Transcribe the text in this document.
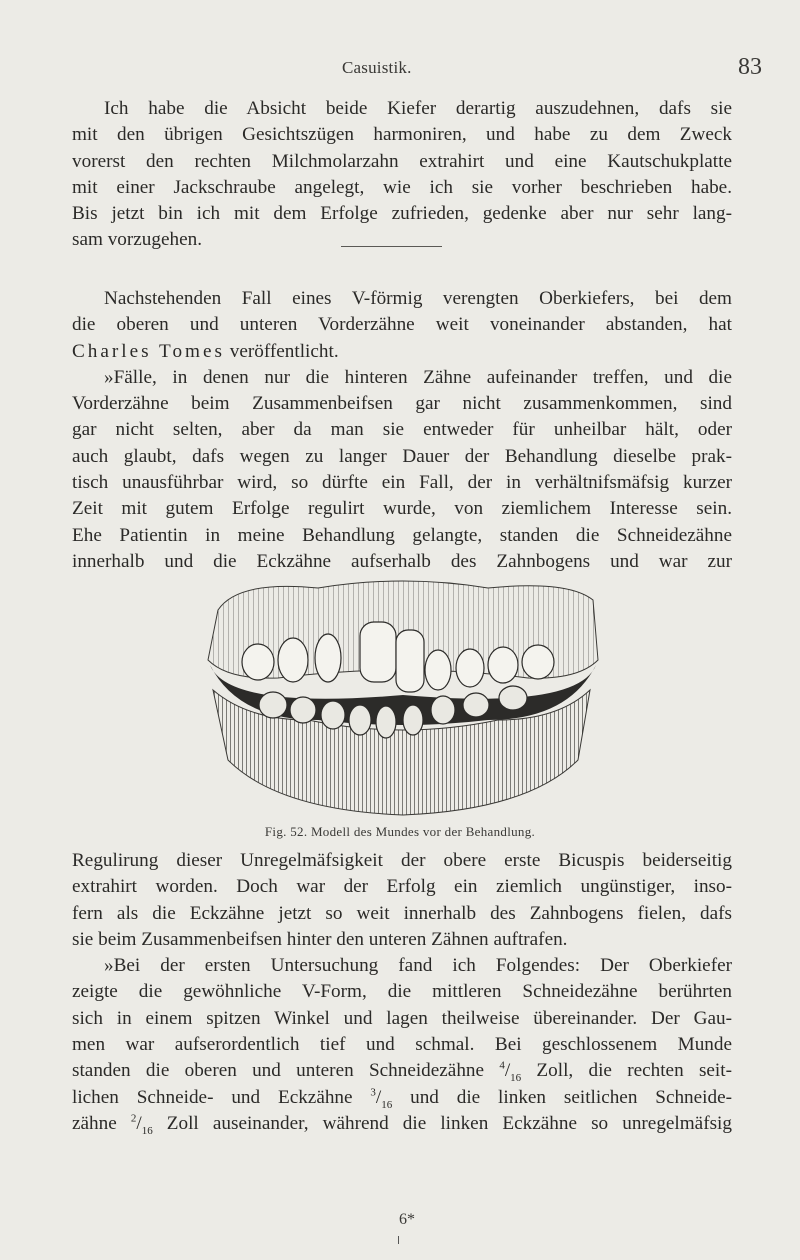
Casuistik.	83
Ich habe die Absicht beide Kiefer derartig auszudehnen, dafs sie
mit den übrigen Gesichtszügen harmoniren, und habe zu dem Zweck
vorerst den rechten Milchmolarzahn extrahirt und eine Kautschukplatte
mit einer Jackschraube angelegt, wie ich sie vorher beschrieben habe.
Bis jetzt bin ich mit dem Erfolge zufrieden, gedenke aber nur sehr lang-
sam vorzugehen.
Nachstehenden Fall eines V-förmig verengten Oberkiefers, bei dem
die oberen und unteren Vorderzähne weit voneinander abstanden, hat
Charles Tomes veröffentlicht.
»Fälle, in denen nur die hinteren Zähne aufeinander treffen, und die
Vorderzähne beim Zusammenbeifsen gar nicht zusammenkommen, sind
gar nicht selten, aber da man sie entweder für unheilbar hält, oder
auch glaubt, dafs wegen zu langer Dauer der Behandlung dieselbe prak-
tisch unausführbar wird, so dürfte ein Fall, der in verhältnifsmäfsig kurzer
Zeit mit gutem Erfolge regulirt wurde, von ziemlichem Interesse sein.
Ehe Patientin in meine Behandlung gelangte, standen die Schneidezähne
innerhalb und die Eckzähne aufserhalb des Zahnbogens und war zur
Fig. 52. Modell des Mundes vor der Behandlung.
Regulirung dieser Unregelmäfsigkeit der obere erste Bicuspis beiderseitig
extrahirt worden. Doch war der Erfolg ein ziemlich ungünstiger, inso-
fern als die Eckzähne jetzt so weit innerhalb des Zahnbogens fielen, dafs
sie beim Zusammenbeifsen hinter den unteren Zähnen auftrafen.
»Bei der ersten Untersuchung fand ich Folgendes: Der Oberkiefer
zeigte die gewöhnliche V-Form, die mittleren Schneidezähne berührten
sich in einem spitzen Winkel und lagen theilweise übereinander. Der Gau-
men war aufserordentlich tief und schmal. Bei geschlossenem Munde
standen die oberen und unteren Schneidezähne $^4/_{16}$ Zoll, die rechten seit-
lichen Schneide- und Eckzähne $^3/_{16}$ und die linken seitlichen Schneide-
zähne $^2/_{16}$ Zoll auseinander, während die linken Eckzähne so unregelmäfsig
6*
